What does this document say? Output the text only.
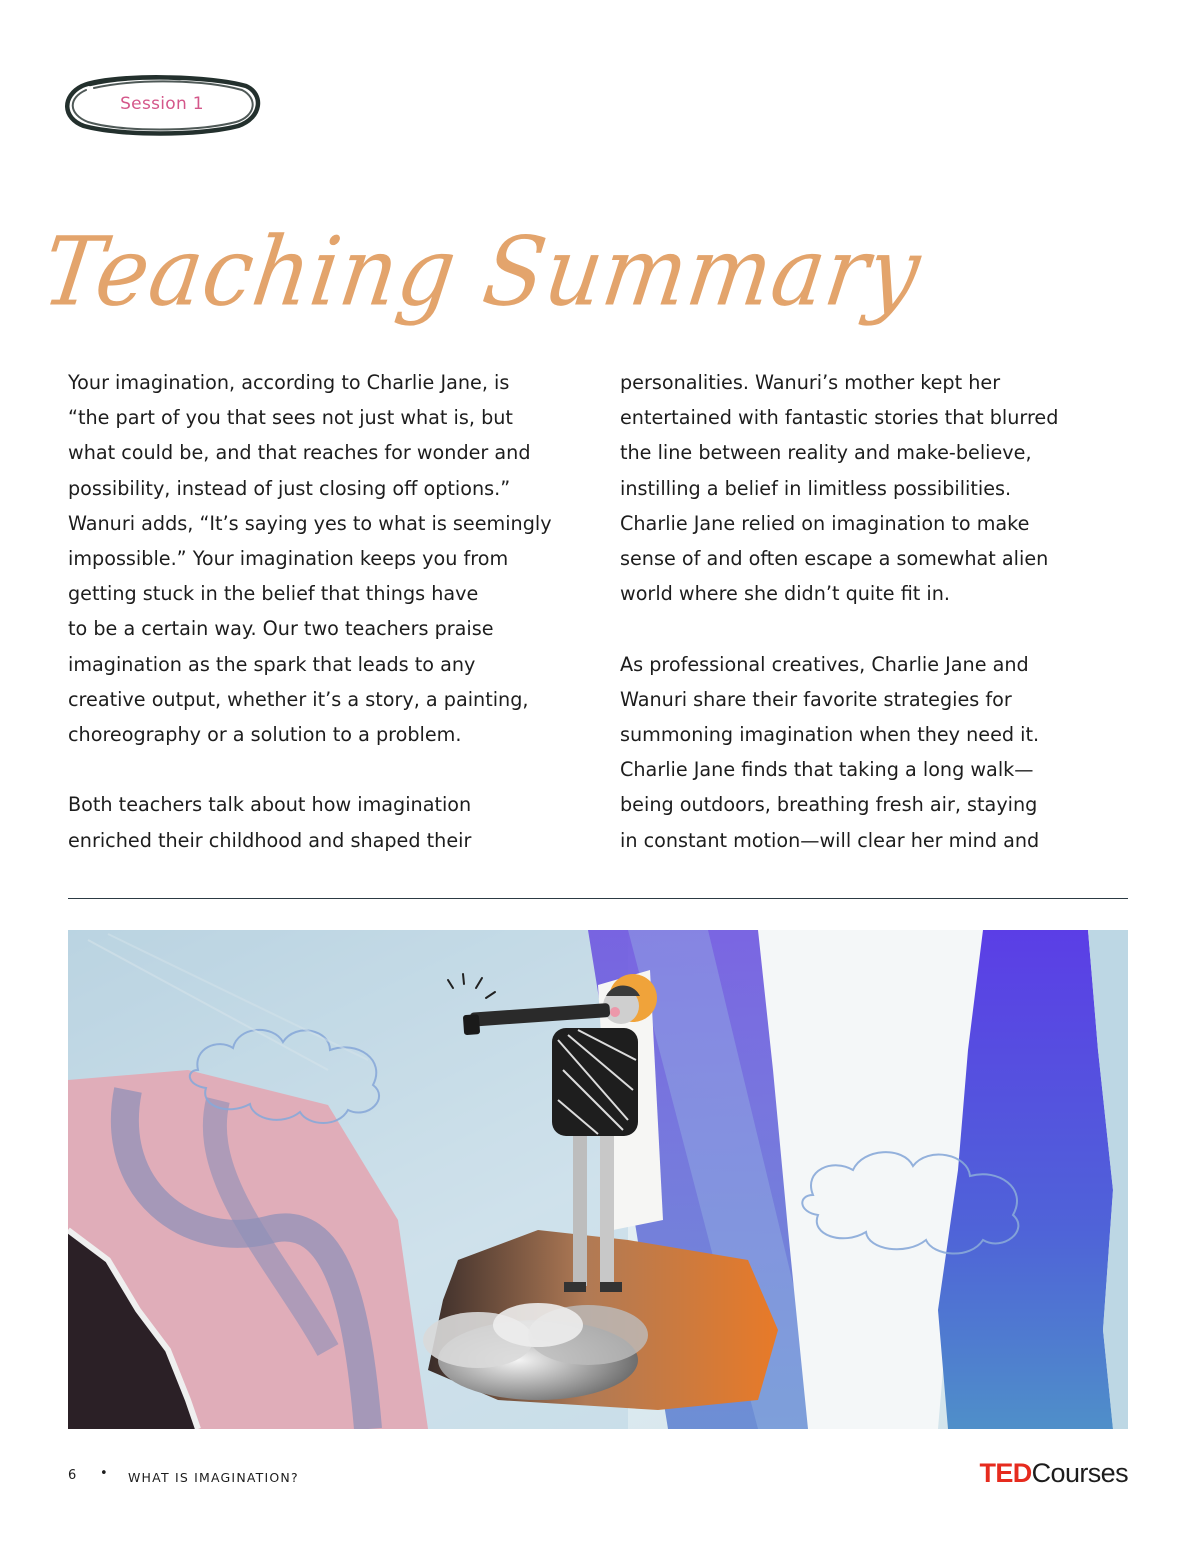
Session 1
Teaching Summary

Your imagination, according to Charlie Jane, is
“the part of you that sees not just what is, but
what could be, and that reaches for wonder and
possibility, instead of just closing off options.”
Wanuri adds, “It’s saying yes to what is seemingly
impossible.” Your imagination keeps you from
getting stuck in the belief that things have
to be a certain way. Our two teachers praise
imagination as the spark that leads to any
creative output, whether it’s a story, a painting,
choreography or a solution to a problem.

Both teachers talk about how imagination
enriched their childhood and shaped their

personalities. Wanuri’s mother kept her
entertained with fantastic stories that blurred
the line between reality and make-believe,
instilling a belief in limitless possibilities.
Charlie Jane relied on imagination to make
sense of and often escape a somewhat alien
world where she didn’t quite fit in.

As professional creatives, Charlie Jane and
Wanuri share their favorite strategies for
summoning imagination when they need it.
Charlie Jane finds that taking a long walk—
being outdoors, breathing fresh air, staying
in constant motion—will clear her mind and

6 • WHAT IS IMAGINATION?	TEDCourses
